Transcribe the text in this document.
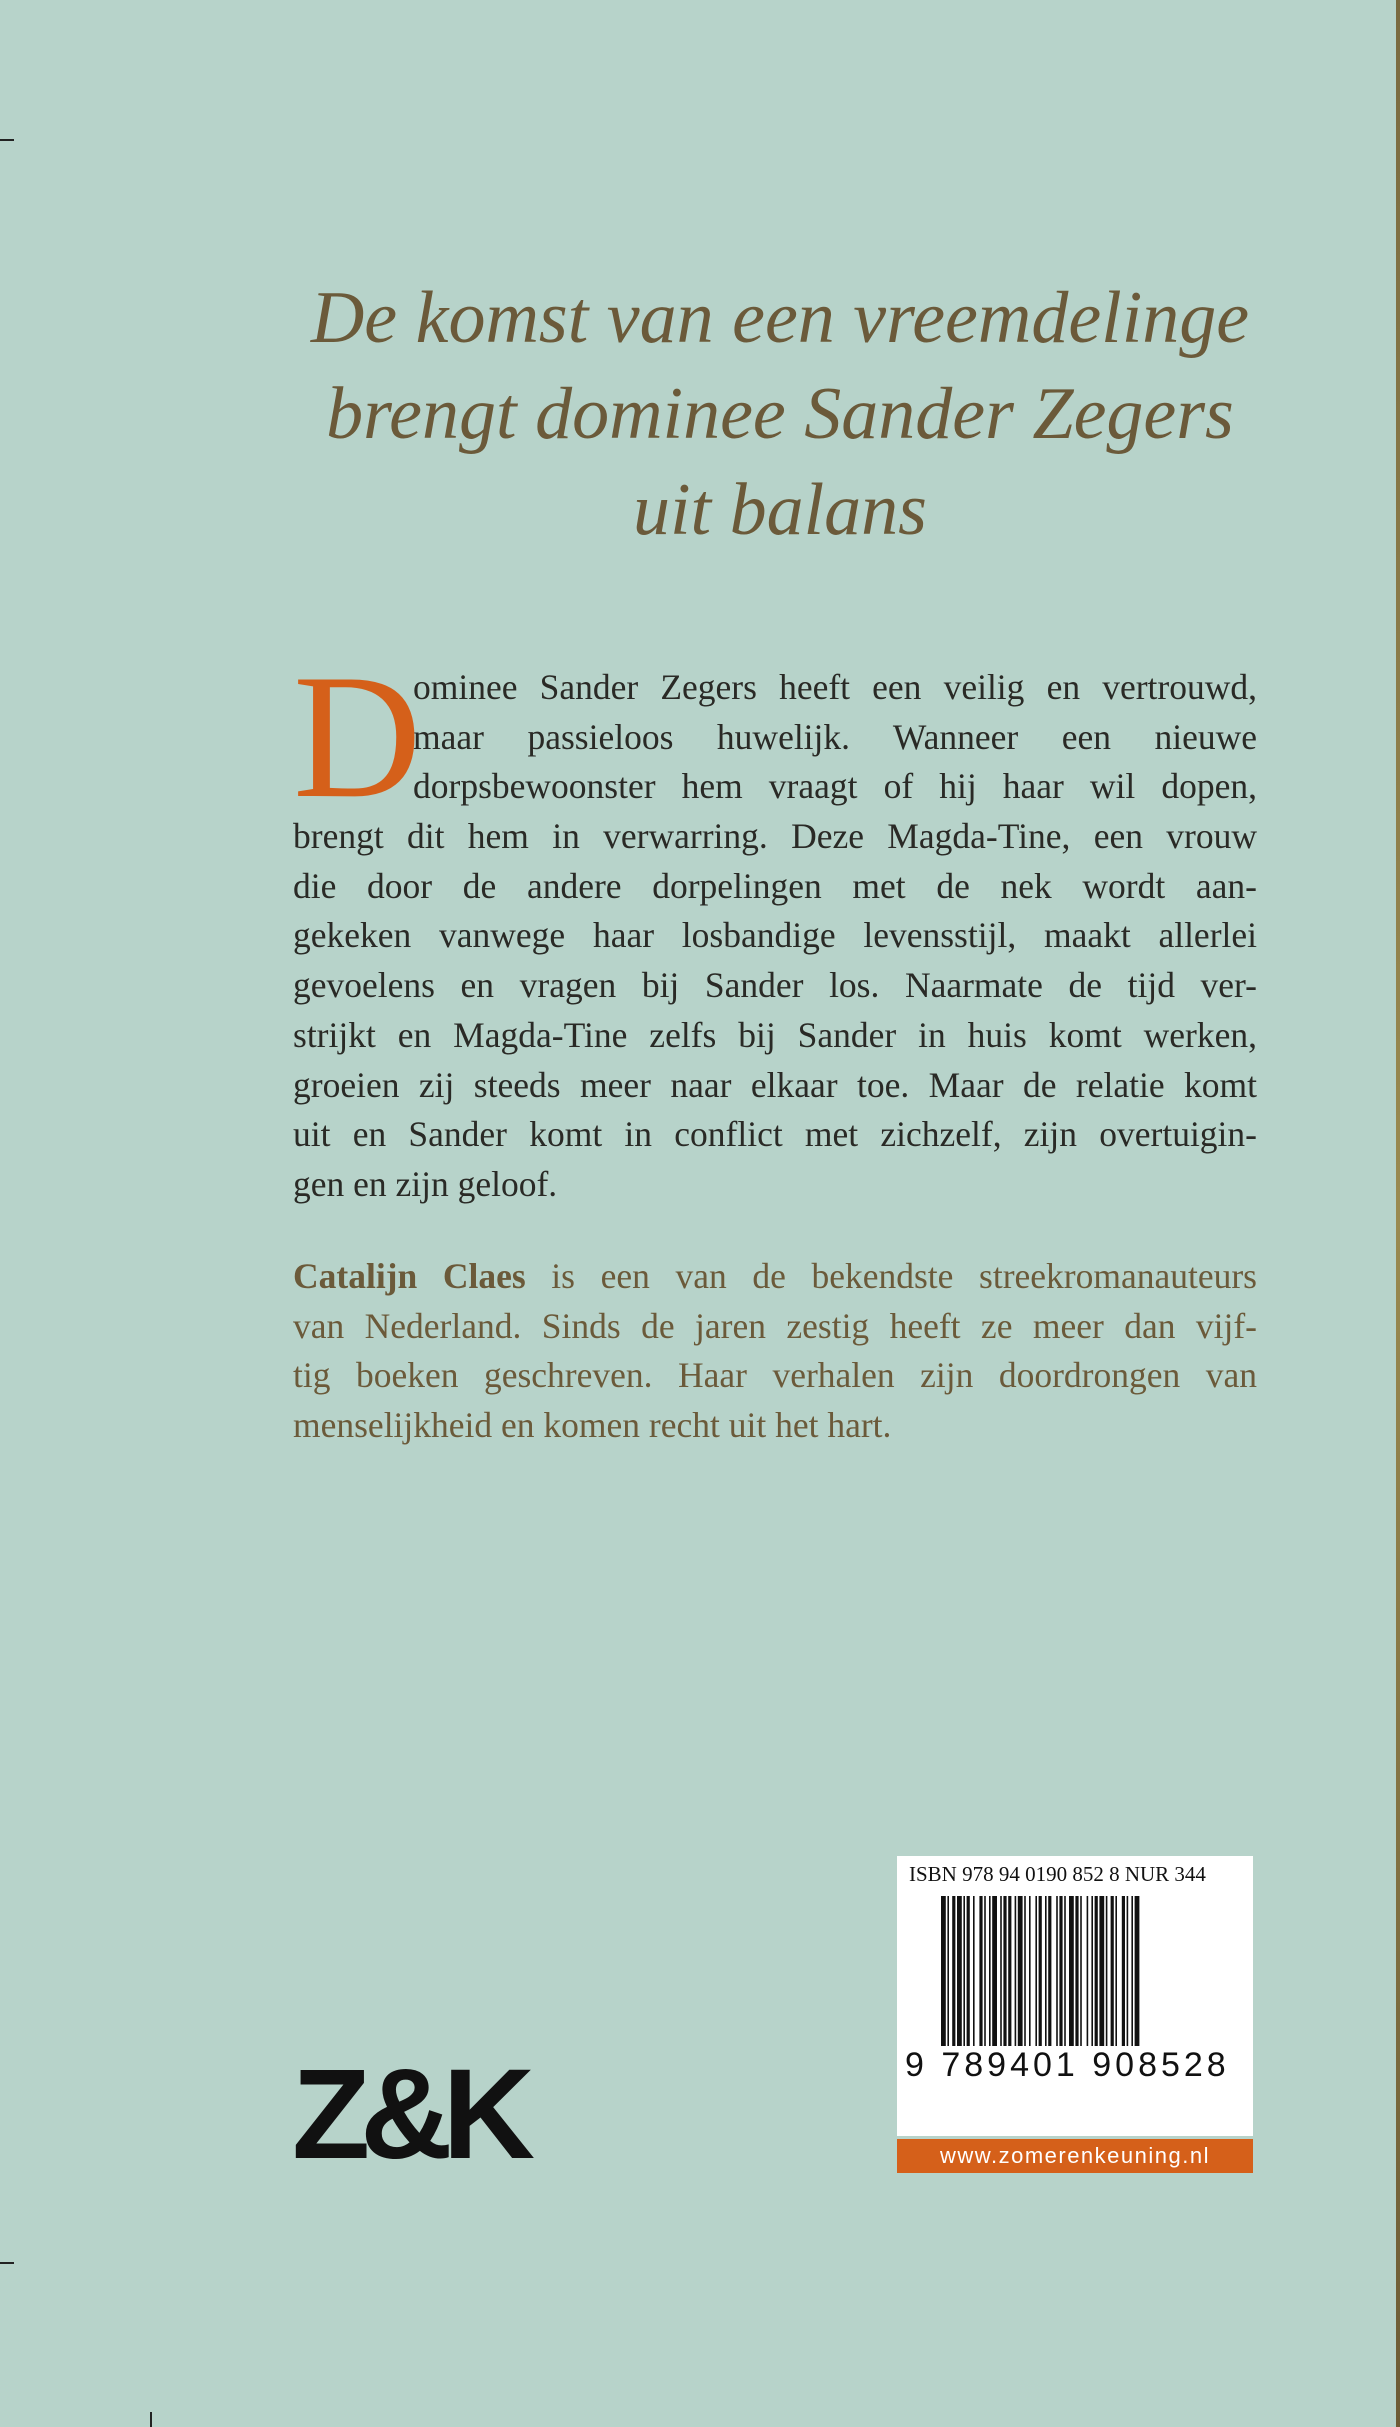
De komst van een vreemdelinge
brengt dominee Sander Zegers
uit balans
D
ominee Sander Zegers heeft een veilig en vertrouwd,
maar passieloos huwelijk. Wanneer een nieuwe
dorpsbewoonster hem vraagt of hij haar wil dopen,
brengt dit hem in verwarring. Deze Magda-Tine, een vrouw
die door de andere dorpelingen met de nek wordt aan-
gekeken vanwege haar losbandige levensstijl, maakt allerlei
gevoelens en vragen bij Sander los. Naarmate de tijd ver-
strijkt en Magda-Tine zelfs bij Sander in huis komt werken,
groeien zij steeds meer naar elkaar toe. Maar de relatie komt
uit en Sander komt in conflict met zichzelf, zijn overtuigin-
gen en zijn geloof.
Catalijn Claes is een van de bekendste streekromanauteurs
van Nederland. Sinds de jaren zestig heeft ze meer dan vijf-
tig boeken geschreven. Haar verhalen zijn doordrongen van
menselijkheid en komen recht uit het hart.
Z&K
ISBN 978 94 0190 852 8 NUR 344
9 789401 908528
www.zomerenkeuning.nl
